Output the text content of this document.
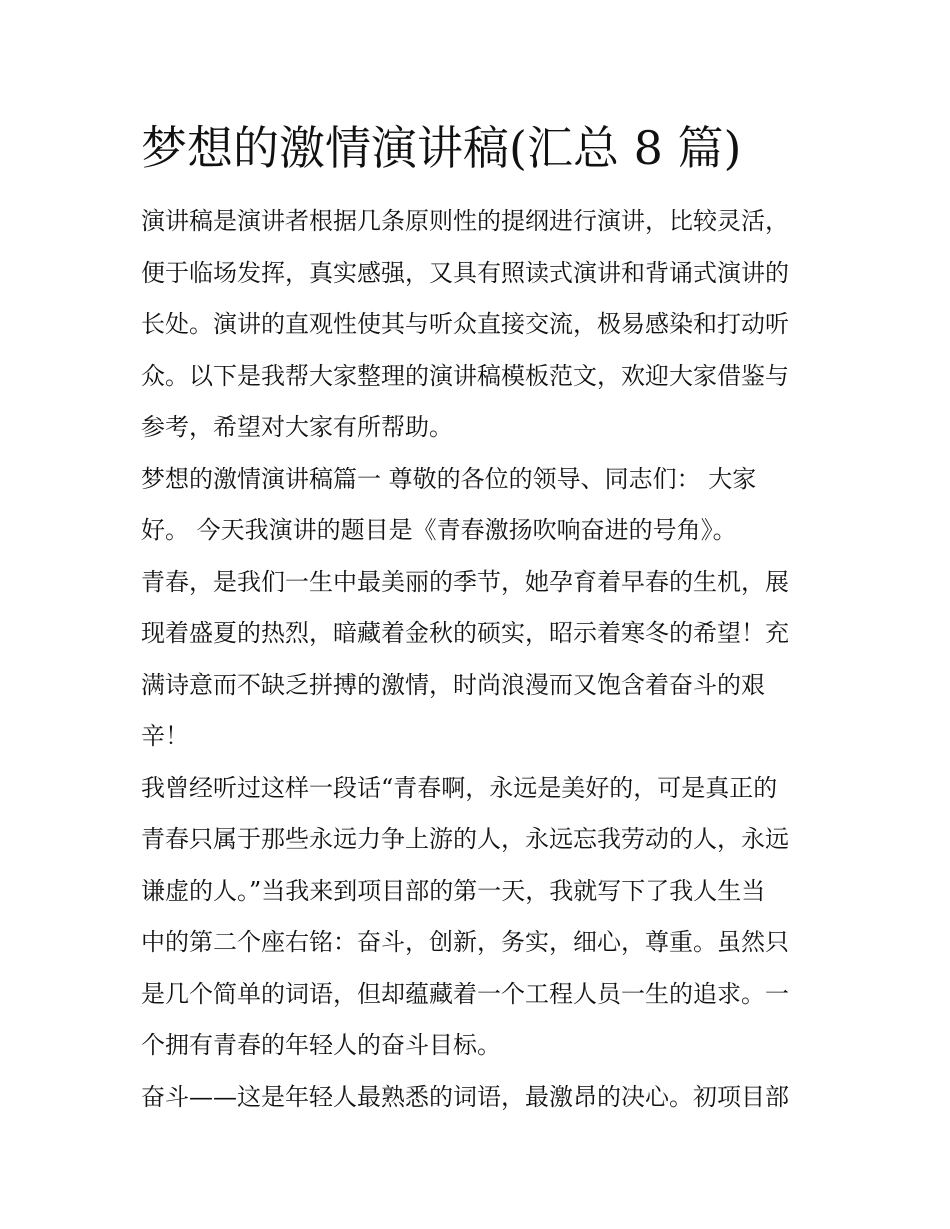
梦想的激情演讲稿(汇总 8 篇)

演讲稿是演讲者根据几条原则性的提纲进行演讲，比较灵活，

便于临场发挥，真实感强，又具有照读式演讲和背诵式演讲的

长处。演讲的直观性使其与听众直接交流，极易感染和打动听

众。以下是我帮大家整理的演讲稿模板范文，欢迎大家借鉴与

参考，希望对大家有所帮助。

梦想的激情演讲稿篇一 尊敬的各位的领导、同志们： 大家

好。 今天我演讲的题目是《青春激扬吹响奋进的号角》。

青春，是我们一生中最美丽的季节，她孕育着早春的生机，展

现着盛夏的热烈，暗藏着金秋的硕实，昭示着寒冬的希望！充

满诗意而不缺乏拼搏的激情，时尚浪漫而又饱含着奋斗的艰

辛！

我曾经听过这样一段话“青春啊，永远是美好的，可是真正的

青春只属于那些永远力争上游的人，永远忘我劳动的人，永远

谦虚的人。”当我来到项目部的第一天，我就写下了我人生当

中的第二个座右铭：奋斗，创新，务实，细心，尊重。虽然只

是几个简单的词语，但却蕴藏着一个工程人员一生的追求。一

个拥有青春的年轻人的奋斗目标。

奋斗——这是年轻人最熟悉的词语，最激昂的决心。初项目部
